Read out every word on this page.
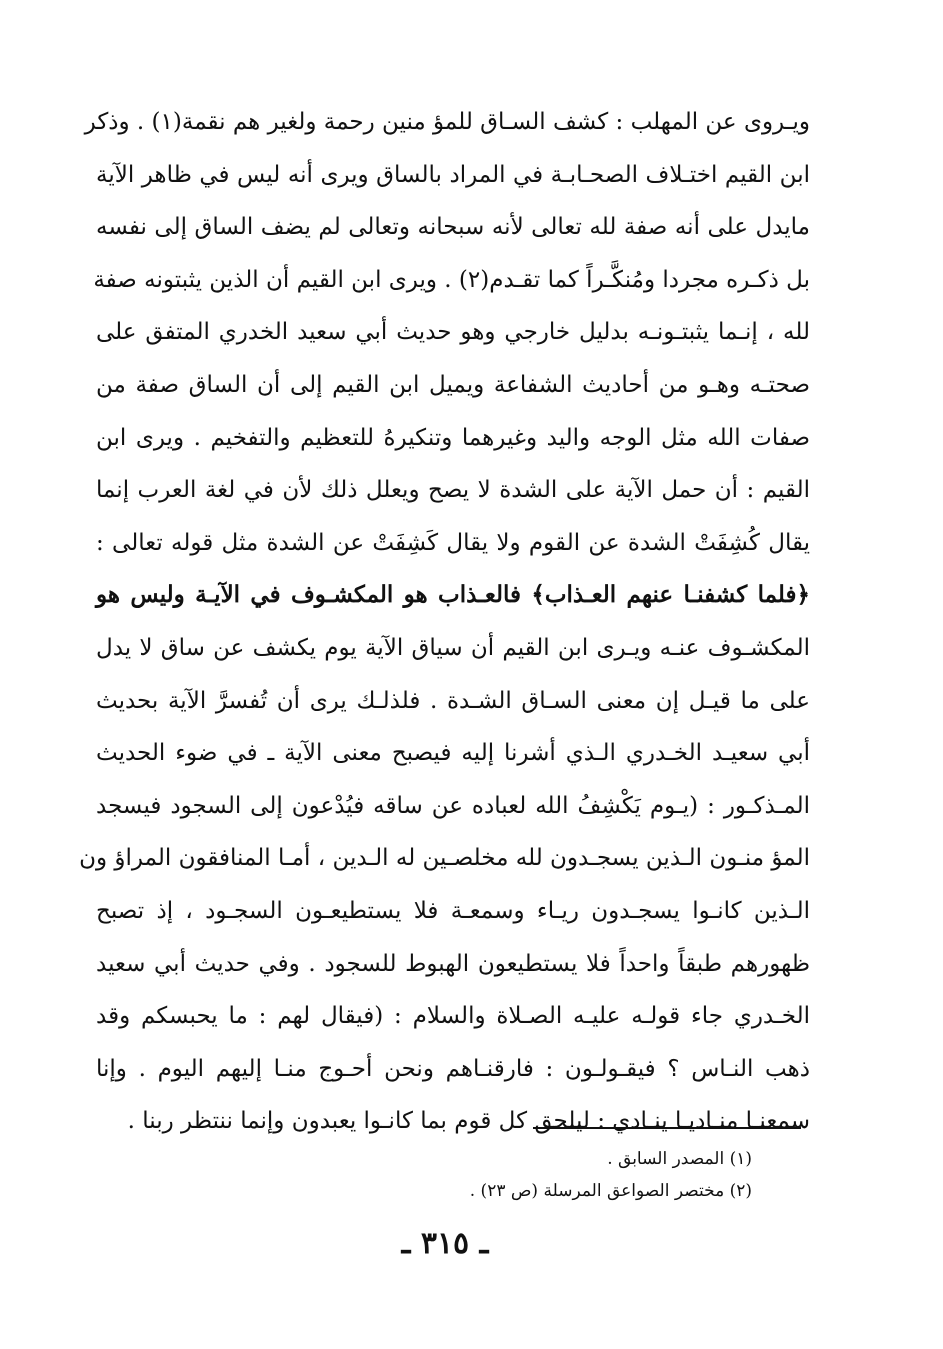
ويـروى عن المهلب : كشف السـاق للمؤ منين رحمة ولغير هم نقمة(١) . وذكر
ابن القيم اختـلاف الصحـابـة في المراد بالساق ويرى أنه ليس في ظاهر الآية
مايدل على أنه صفة لله تعالى لأنه سبحانه وتعالى لم يضف الساق إلى نفسه
بل ذكـره مجردا ومُنكَّـراً كما تقـدم(٢) . ويرى ابن القيم أن الذين يثبتونه صفة
لله ، إنـما يثبتـونـه بدليل خارجي وهو حديث أبي سعيد الخدري المتفق على
صحتـه وهـو من أحاديث الشفاعة ويميل ابن القيم إلى أن الساق صفة من
صفات الله مثل الوجه واليد وغيرهما وتنكيرهُ للتعظيم والتفخيم . ويرى ابن
القيم : أن حمل الآية على الشدة لا يصح ويعلل ذلك لأن في لغة العرب إنما
يقال كُشِفَتْ الشدة عن القوم ولا يقال كَشِفَتْ عن الشدة مثل قوله تعالى :
﴿فلما كشفنـا عنهم العـذاب﴾ فالعـذاب هو المكشـوف في الآيـة وليس هو
المكشـوف عنـه ويـرى ابن القيم أن سياق الآية يوم يكشف عن ساق لا يدل
على ما قيـل إن معنى السـاق الشـدة . فلذلـك يرى أن تُفسرَّ الآية بحديث
أبي سعيـد الخـدري الـذي أشرنا إليه فيصبح معنى الآية ـ في ضوء الحديث
المـذكـور : (يـوم يَكْشِفُ الله لعباده عن ساقه فيُدْعون إلى السجود فيسجد
المؤ منـون الـذين يسجـدون لله مخلصـين له الـدين ، أمـا المنافقون المراؤ ون
الـذين كانـوا يسجـدون ريـاء وسمعـة فلا يستطيعـون السجـود ، إذ تصبح
ظهورهم طبقاً واحداً فلا يستطيعون الهبوط للسجود . وفي حديث أبي سعيد
الخـدري جاء قولـه عليـه الصـلاة والسلام : (فيقال لهم : ما يحبسكم وقد
ذهب النـاس ؟ فيقـولـون : فارقنـاهم ونحن أحـوج منـا إليهم اليوم . وإنا
سمعنـا منـاديـا ينـادي : ليلحق كل قوم بما كانـوا يعبدون وإنما ننتظر ربنا .
(١) المصدر السابق .
(٢) مختصر الصواعق المرسلة (ص ٢٣) .
ـ ٣١٥ ـ
